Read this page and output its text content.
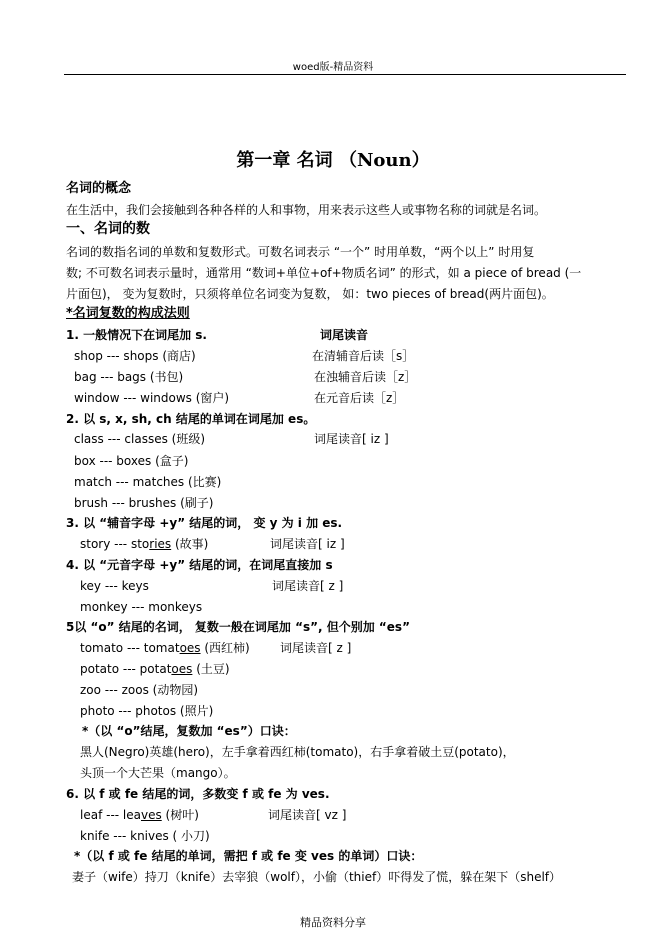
woed版-精品资料
第一章 名词 （Noun）
名词的概念
在生活中，我们会接触到各种各样的人和事物，用来表示这些人或事物名称的词就是名词。
一、名词的数
名词的数指名词的单数和复数形式。可数名词表示 “一个” 时用单数，“两个以上” 时用复
数; 不可数名词表示量时，通常用 “数词+单位+of+物质名词” 的形式，如 a piece of bread (一
片面包)， 变为复数时，只须将单位名词变为复数， 如：two pieces of bread(两片面包)。
*名词复数的构成法则
1. 一般情况下在词尾加 s.	词尾读音
shop --- shops (商店)	在清辅音后读［s］
bag --- bags (书包)	在浊辅音后读［z］
window --- windows (窗户)	在元音后读［z］
2. 以 s, x, sh, ch 结尾的单词在词尾加 es。
class --- classes (班级)	词尾读音[ iz ]
box --- boxes (盒子)
match --- matches (比赛)
brush --- brushes (刷子)
3. 以 “辅音字母 +y” 结尾的词， 变 y 为 i 加 es.
story --- stories (故事)	词尾读音[ iz ]
4. 以 “元音字母 +y” 结尾的词，在词尾直接加 s
key --- keys	词尾读音[ z ]
monkey --- monkeys
5以 “o” 结尾的名词， 复数一般在词尾加 “s”, 但个别加 “es”
tomato --- tomatoes (西红柿)	词尾读音[ z ]
potato --- potatoes (土豆)
zoo --- zoos (动物园)
photo --- photos (照片)
*（以 “o”结尾，复数加 “es”）口诀：
黑人(Negro)英雄(hero)，左手拿着西红柿(tomato)，右手拿着破土豆(potato)，
头顶一个大芒果（mango）。
6. 以 f 或 fe 结尾的词，多数变 f 或 fe 为 ves.
leaf --- leaves (树叶)	词尾读音[ vz ]
knife --- knives ( 小刀)
*（以 f 或 fe 结尾的单词，需把 f 或 fe 变 ves 的单词）口诀：
妻子（wife）持刀（knife）去宰狼（wolf），小偷（thief）吓得发了慌，躲在架下（shelf）
精品资料分享
